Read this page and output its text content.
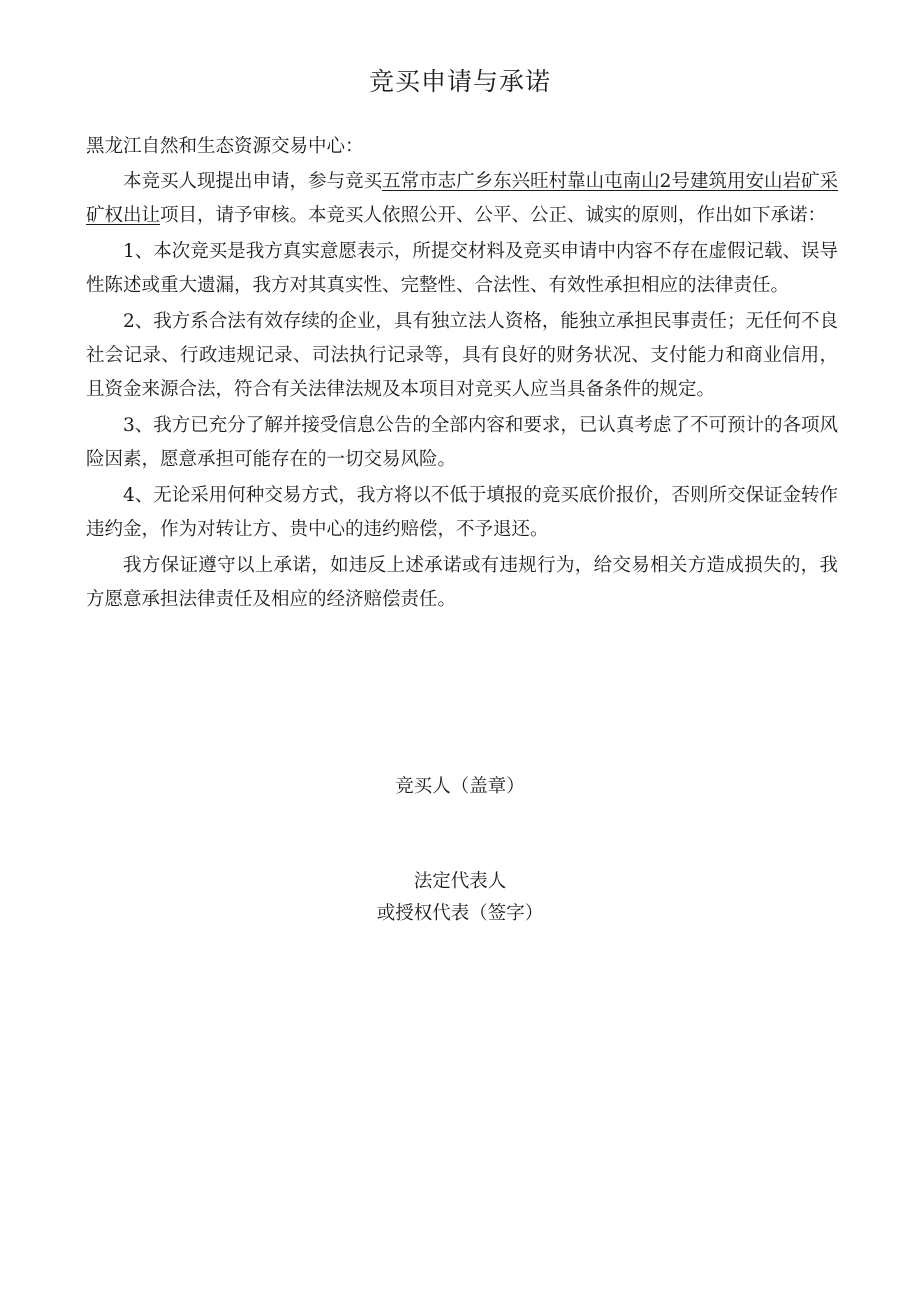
竞买申请与承诺

黑龙江自然和生态资源交易中心：

本竞买人现提出申请，参与竞买五常市志广乡东兴旺村靠山屯南山2号建筑用安山岩矿采矿权出让项目，请予审核。本竞买人依照公开、公平、公正、诚实的原则，作出如下承诺：

1、本次竞买是我方真实意愿表示，所提交材料及竞买申请中内容不存在虚假记载、误导性陈述或重大遗漏，我方对其真实性、完整性、合法性、有效性承担相应的法律责任。

2、我方系合法有效存续的企业，具有独立法人资格，能独立承担民事责任；无任何不良社会记录、行政违规记录、司法执行记录等，具有良好的财务状况、支付能力和商业信用，且资金来源合法，符合有关法律法规及本项目对竞买人应当具备条件的规定。

3、我方已充分了解并接受信息公告的全部内容和要求，已认真考虑了不可预计的各项风险因素，愿意承担可能存在的一切交易风险。

4、无论采用何种交易方式，我方将以不低于填报的竞买底价报价，否则所交保证金转作违约金，作为对转让方、贵中心的违约赔偿，不予退还。

我方保证遵守以上承诺，如违反上述承诺或有违规行为，给交易相关方造成损失的，我方愿意承担法律责任及相应的经济赔偿责任。

竞买人（盖章）
法定代表人
或授权代表（签字）
